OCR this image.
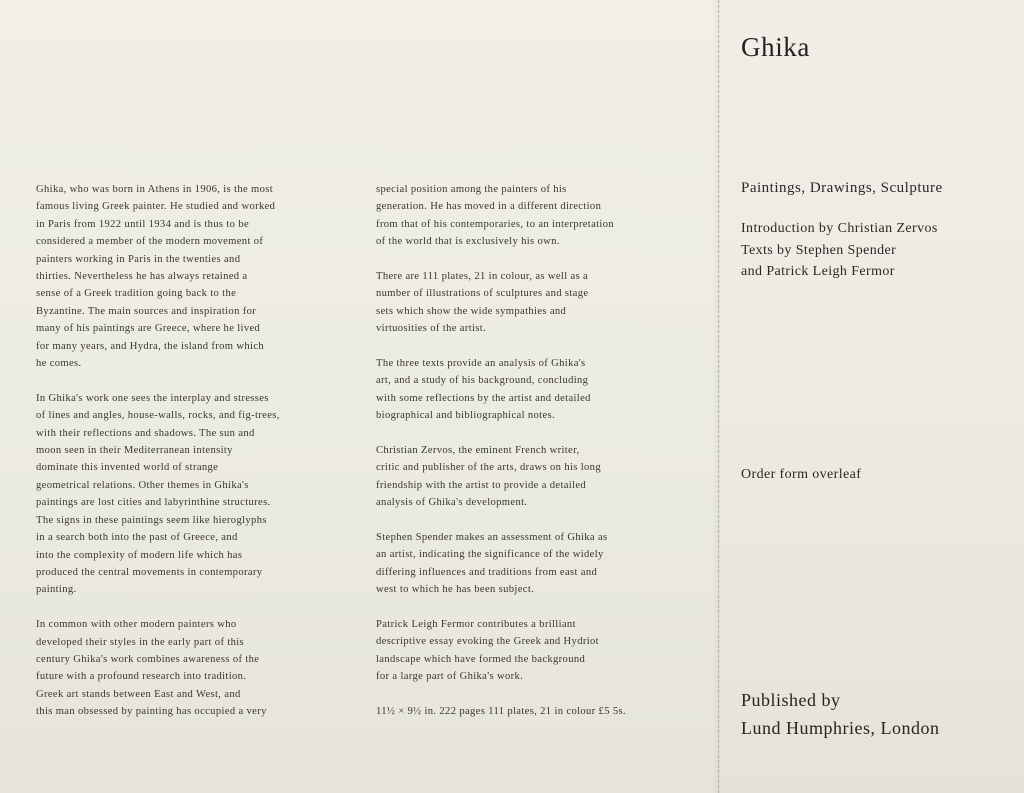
Ghika, who was born in Athens in 1906, is the most
famous living Greek painter. He studied and worked
in Paris from 1922 until 1934 and is thus to be
considered a member of the modern movement of
painters working in Paris in the twenties and
thirties. Nevertheless he has always retained a
sense of a Greek tradition going back to the
Byzantine. The main sources and inspiration for
many of his paintings are Greece, where he lived
for many years, and Hydra, the island from which
he comes.

In Ghika's work one sees the interplay and stresses
of lines and angles, house-walls, rocks, and fig-trees,
with their reflections and shadows. The sun and
moon seen in their Mediterranean intensity
dominate this invented world of strange
geometrical relations. Other themes in Ghika's
paintings are lost cities and labyrinthine structures.
The signs in these paintings seem like hieroglyphs
in a search both into the past of Greece, and
into the complexity of modern life which has
produced the central movements in contemporary
painting.

In common with other modern painters who
developed their styles in the early part of this
century Ghika's work combines awareness of the
future with a profound research into tradition.
Greek art stands between East and West, and
this man obsessed by painting has occupied a very

special position among the painters of his
generation. He has moved in a different direction
from that of his contemporaries, to an interpretation
of the world that is exclusively his own.

There are 111 plates, 21 in colour, as well as a
number of illustrations of sculptures and stage
sets which show the wide sympathies and
virtuosities of the artist.

The three texts provide an analysis of Ghika's
art, and a study of his background, concluding
with some reflections by the artist and detailed
biographical and bibliographical notes.

Christian Zervos, the eminent French writer,
critic and publisher of the arts, draws on his long
friendship with the artist to provide a detailed
analysis of Ghika's development.

Stephen Spender makes an assessment of Ghika as
an artist, indicating the significance of the widely
differing influences and traditions from east and
west to which he has been subject.

Patrick Leigh Fermor contributes a brilliant
descriptive essay evoking the Greek and Hydriot
landscape which have formed the background
for a large part of Ghika's work.

11½ × 9½ in. 222 pages 111 plates, 21 in colour £5 5s.

Ghika
Paintings, Drawings, Sculpture
Introduction by Christian Zervos
Texts by Stephen Spender
and Patrick Leigh Fermor
Order form overleaf
Published by
Lund Humphries, London
